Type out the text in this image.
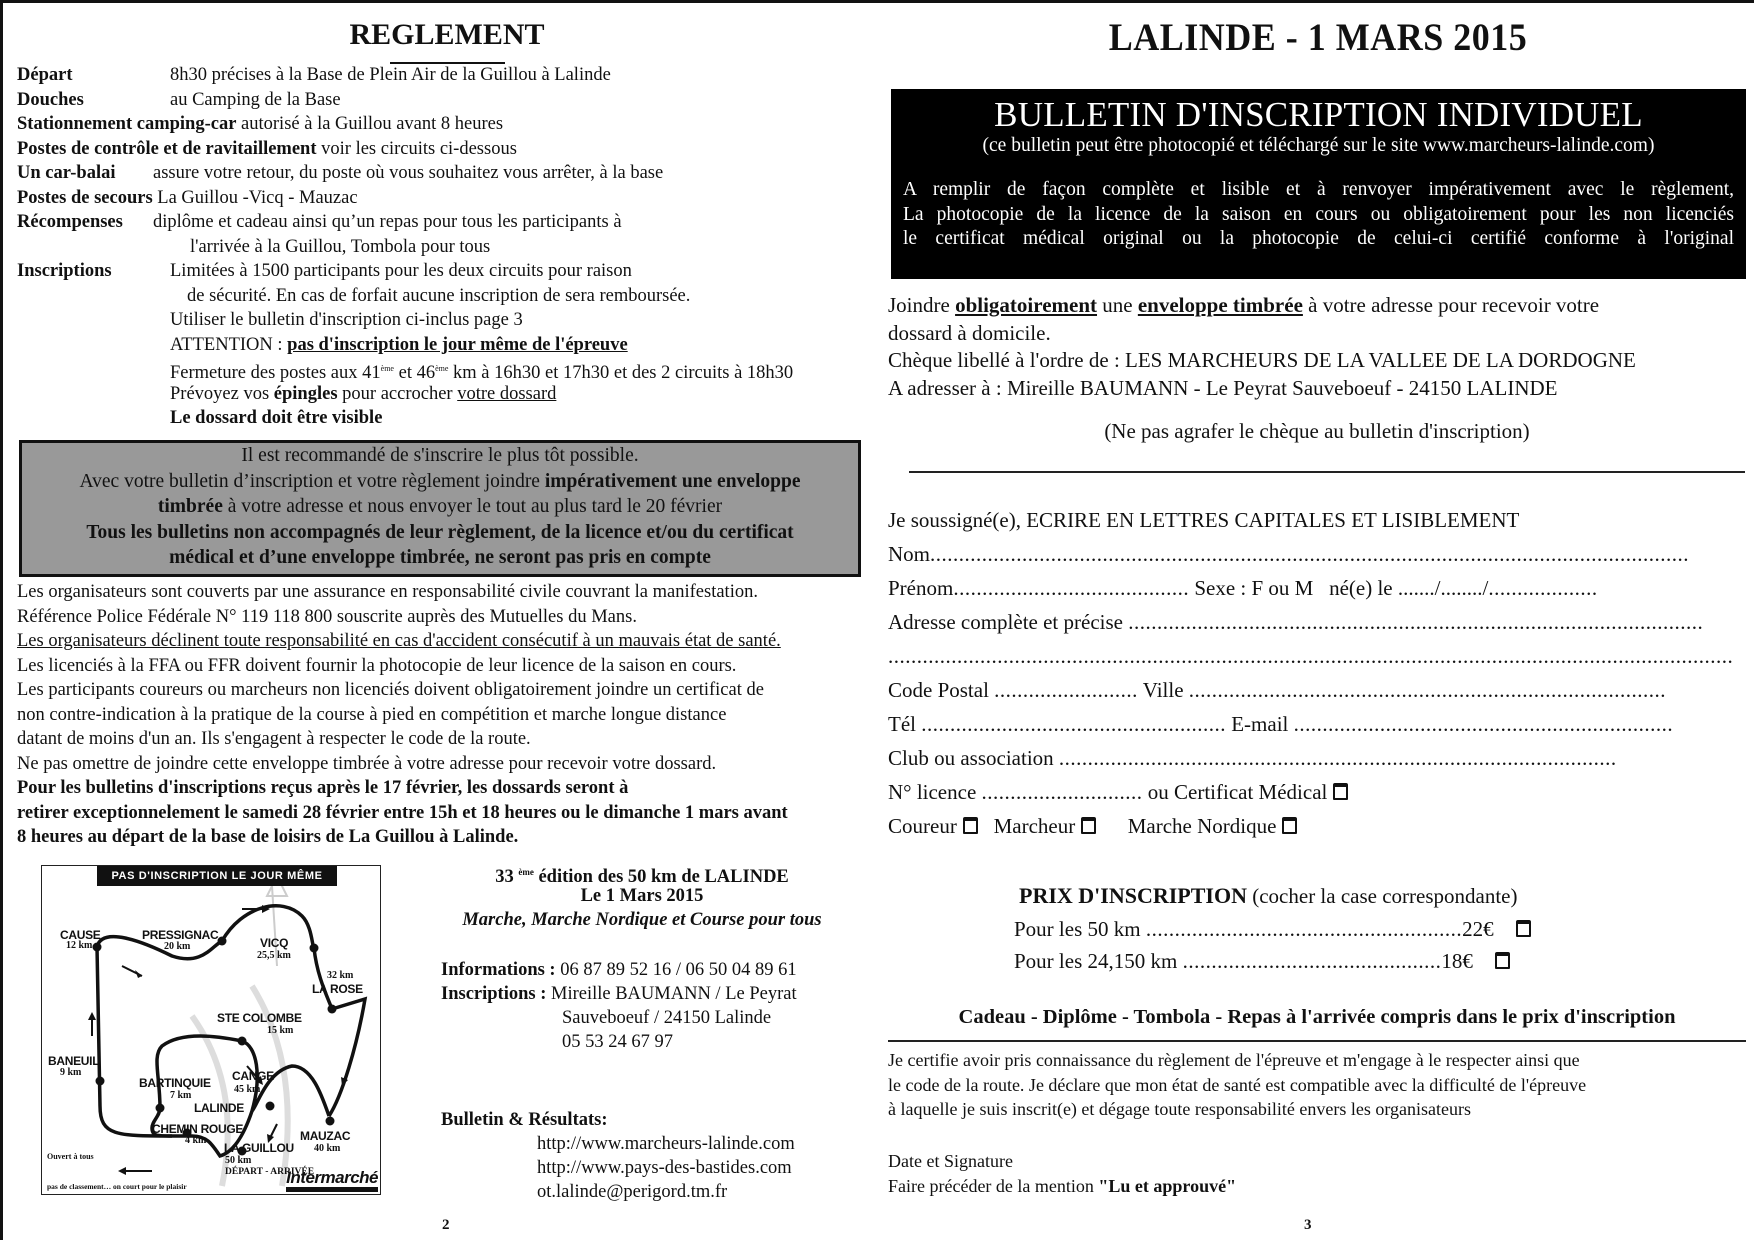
REGLEMENT
Départ	8h30 précises à la Base de Plein Air de la Guillou à Lalinde
Douches	au Camping de la Base
Stationnement camping-car autorisé à la Guillou avant 8 heures
Postes de contrôle et de ravitaillement voir les circuits ci-dessous
Un car-balai assure votre retour, du poste où vous souhaitez vous arrêter, à la base
Postes de secours La Guillou -Vicq - Mauzac
Récompenses diplôme et cadeau ainsi qu’un repas pour tous les participants à
l'arrivée à la Guillou, Tombola pour tous
Inscriptions	Limitées à 1500 participants pour les deux circuits pour raison
de sécurité. En cas de forfait aucune inscription de sera remboursée.
Utiliser le bulletin d'inscription ci-inclus page 3
ATTENTION : pas d'inscription le jour même de l'épreuve
Fermeture des postes aux 41ème et 46ème km à 16h30 et 17h30 et des 2 circuits à 18h30
Prévoyez vos épingles pour accrocher votre dossard
Le dossard doit être visible
Il est recommandé de s'inscrire le plus tôt possible.
Avec votre bulletin d’inscription et votre règlement joindre impérativement une enveloppe
timbrée à votre adresse et nous envoyer le tout au plus tard le 20 février
Tous les bulletins non accompagnés de leur règlement, de la licence et/ou du certificat
médical et d’une enveloppe timbrée, ne seront pas pris en compte
Les organisateurs sont couverts par une assurance en responsabilité civile couvrant la manifestation.
Référence Police Fédérale N° 119 118 800 souscrite auprès des Mutuelles du Mans.
Les organisateurs déclinent toute responsabilité en cas d'accident consécutif à un mauvais état de santé.
Les licenciés à la FFA ou FFR doivent fournir la photocopie de leur licence de la saison en cours.
Les participants coureurs ou marcheurs non licenciés doivent obligatoirement joindre un certificat de
non contre-indication à la pratique de la course à pied en compétition et marche longue distance
datant de moins d'un an. Ils s'engagent à respecter le code de la route.
Ne pas omettre de joindre cette enveloppe timbrée à votre adresse pour recevoir votre dossard.
Pour les bulletins d'inscriptions reçus après le 17 février, les dossards seront à
retirer exceptionnelement le samedi 28 février entre 15h et 18 heures ou le dimanche 1 mars avant
8 heures au départ de la base de loisirs de La Guillou à Lalinde.
PAS D'INSCRIPTION LE JOUR MÊME
CAUSE
12 km
PRESSIGNAC
20 km	VICQ
25,5 km
32 km
LA ROSE
STE COLOMBE
15 km
BANEUIL
9 km
BARTINQUIE
7 km
CANGE
45 km
LALINDE
CHEMIN ROUGE
4 km	MAUZAC
40 km
LA GUILLOU
50 km
DÉPART - ARRIVÉE
Ouvert à tous
pas de classement… on court pour le plaisir	Intermarché
33 $^{ème}$ édition des 50 km de LALINDE
Le 1 Mars 2015
Marche, Marche Nordique et Course pour tous
Informations : 06 87 89 52 16 / 06 50 04 89 61
Inscriptions : Mireille BAUMANN / Le Peyrat
Sauveboeuf / 24150 Lalinde
05 53 24 67 97
Bulletin & Résultats:
http://www.marcheurs-lalinde.com
http://www.pays-des-bastides.com
ot.lalinde@perigord.tm.fr
2
LALINDE - 1 MARS 2015
BULLETIN D'INSCRIPTION INDIVIDUEL
(ce bulletin peut être photocopié et téléchargé sur le site www.marcheurs-lalinde.com)
A remplir de façon complète et lisible et à renvoyer impérativement avec le règlement,
La photocopie de la licence de la saison en cours ou obligatoirement pour les non licenciés
le certificat médical original ou la photocopie de celui-ci certifié conforme à l'original
Joindre obligatoirement une enveloppe timbrée à votre adresse pour recevoir votre
dossard à domicile.
Chèque libellé à l'ordre de : LES MARCHEURS DE LA VALLEE DE LA DORDOGNE
A adresser à : Mireille BAUMANN - Le Peyrat Sauveboeuf - 24150 LALINDE
(Ne pas agrafer le chèque au bulletin d'inscription)
Je soussigné(e), ECRIRE EN LETTRES CAPITALES ET LISIBLEMENT
Nom....................................................................................................................................
Prénom......................................... Sexe : F ou M né(e) le ......./......../...................
Adresse complète et précise ....................................................................................................
...................................................................................................................................................
Code Postal ......................... Ville ...................................................................................
Tél ..................................................... E-mail ..................................................................
Club ou association .................................................................................................
N° licence ............................ ou Certificat Médical
Coureur Marcheur	Marche Nordique
PRIX D'INSCRIPTION (cocher la case correspondante)
Pour les 50 km .......................................................22€
Pour les 24,150 km .............................................18€
Cadeau - Diplôme - Tombola - Repas à l'arrivée compris dans le prix d'inscription
Je certifie avoir pris connaissance du règlement de l'épreuve et m'engage à le respecter ainsi que
le code de la route. Je déclare que mon état de santé est compatible avec la difficulté de l'épreuve
à laquelle je suis inscrit(e) et dégage toute responsabilité envers les organisateurs
Date et Signature
Faire précéder de la mention "Lu et approuvé"
3
